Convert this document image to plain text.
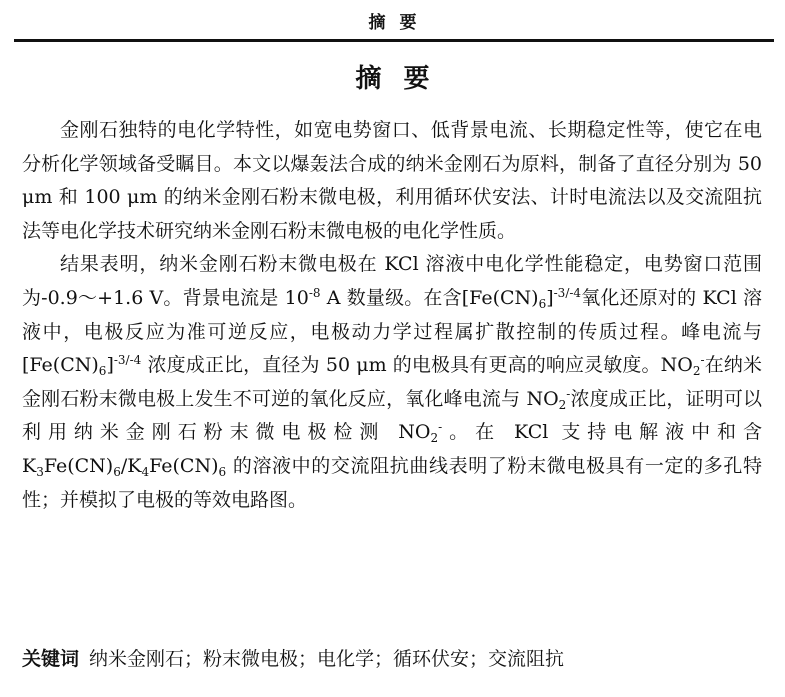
摘要
摘要

金刚石独特的电化学特性，如宽电势窗口、低背景电流、长期稳定性等，使它在电分析化学领域备受瞩目。本文以爆轰法合成的纳米金刚石为原料，制备了直径分别为 50 μm 和 100 μm 的纳米金刚石粉末微电极，利用循环伏安法、计时电流法以及交流阻抗法等电化学技术研究纳米金刚石粉末微电极的电化学性质。

结果表明，纳米金刚石粉末微电极在 KCl 溶液中电化学性能稳定，电势窗口范围为-0.9～+1.6 V。背景电流是 $10^{-8}$ A 数量级。在含$[Fe(CN)_6]^{-3/-4}$氧化还原对的 KCl 溶液中，电极反应为准可逆反应，电极动力学过程属扩散控制的传质过程。峰电流与$[Fe(CN)_6]^{-3/-4}$ 浓度成正比，直径为 50 μm 的电极具有更高的响应灵敏度。$NO_2^-$在纳米金刚石粉末微电极上发生不可逆的氧化反应，氧化峰电流与 $NO_2^-$浓度成正比，证明可以利用纳米金刚石粉末微电极检测 $NO_2^-$。在 KCl 支持电解液中和含 $K_3Fe(CN)_6/K_4Fe(CN)_6$ 的溶液中的交流阻抗曲线表明了粉末微电极具有一定的多孔特性；并模拟了电极的等效电路图。

关键词 纳米金刚石；粉末微电极；电化学；循环伏安；交流阻抗
